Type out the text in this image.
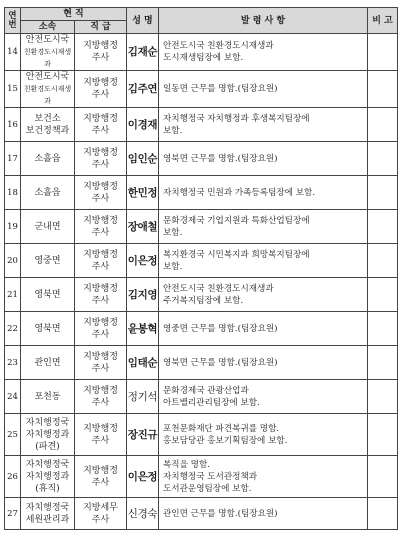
연번	현 직		성 명	발 령 사 항	비 고
	소속	직 급			
14	안전도시국
친환경도시재생과	지방행정
주사	김재순	안전도시국 친환경도시재생과
도시재생팀장에 보함.	

15	안전도시국
친환경도시재생과	지방행정
주사	김주연	일동면 근무를 명함.(팀장요원)	

16	보건소
보건정책과	지방행정
주사	이경재	자치행정국 자치행정과 후생복지팀장에
보함.	

17	소흘읍	지방행정
주사	임인순	영북면 근무를 명함.(팀장요원)	

18	소흘읍	지방행정
주사	한민정	자치행정국 민원과 가족등록팀장에 보함.	

19	군내면	지방행정
주사	장애철	문화경제국 기업지원과 특화산업팀장에
보함.	

20	영중면	지방행정
주사	이은정	복지환경국 시민복지과 희망복지팀장에
보함.	

21	영북면	지방행정
주사	김지영	안전도시국 친환경도시재생과
주거복지팀장에 보함.	

22	영북면	지방행정
주사	윤봉혁	영중면 근무를 명함.(팀장요원)	

23	관인면	지방행정
주사	임태순	영북면 근무를 명함.(팀장요원)	

24	포천동	지방행정
주사	정기석	문화경제국 관광산업과
아트밸리관리팀장에 보함.	

25	자치행정국
자치행정과
(파견)	지방행정
주사	장진규	포천문화재단 파견복귀를 명함.
홍보담당관 홍보기획팀장에 보함.	

26	자치행정국
자치행정과
(휴직)	지방행정
주사	이은정	복직을 명함.
자치행정국 도서관정책과
도서관운영팀장에 보함.	

27	자치행정국
세원관리과	지방세무
주사	신경숙	관인면 근무를 명함.(팀장요원)	
